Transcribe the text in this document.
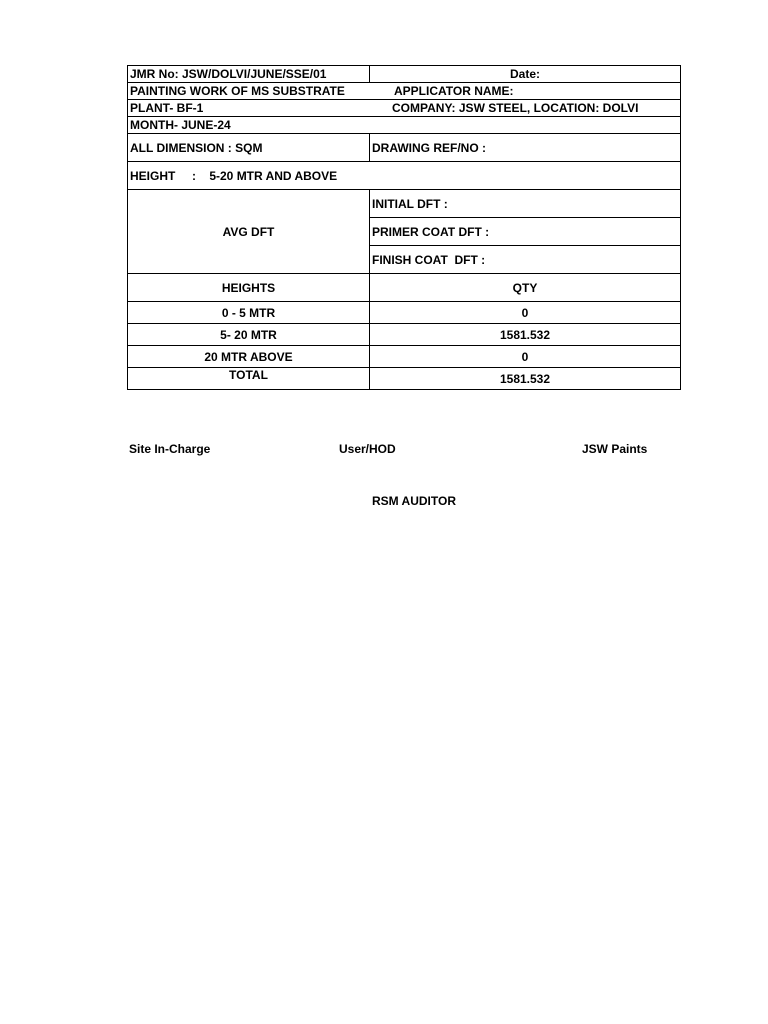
JMR No: JSW/DOLVI/JUNE/SSE/01	Date:
PAINTING WORK OF MS SUBSTRATE APPLICATOR NAME:	

PLANT- BF-1 COMPANY: JSW STEEL, LOCATION: DOLVI	

MONTH- JUNE-24	
ALL DIMENSION : SQM	DRAWING REF/NO :
HEIGHT     :    5-20 MTR AND ABOVE	
AVG DFT	INITIAL DFT :
	PRIMER COAT DFT :
	FINISH COAT  DFT :
HEIGHTS	QTY
0 - 5 MTR	0
5- 20 MTR	1581.532
20 MTR ABOVE	0
TOTAL	1581.532
Site In-Charge	User/HOD	JSW Paints
RSM AUDITOR
